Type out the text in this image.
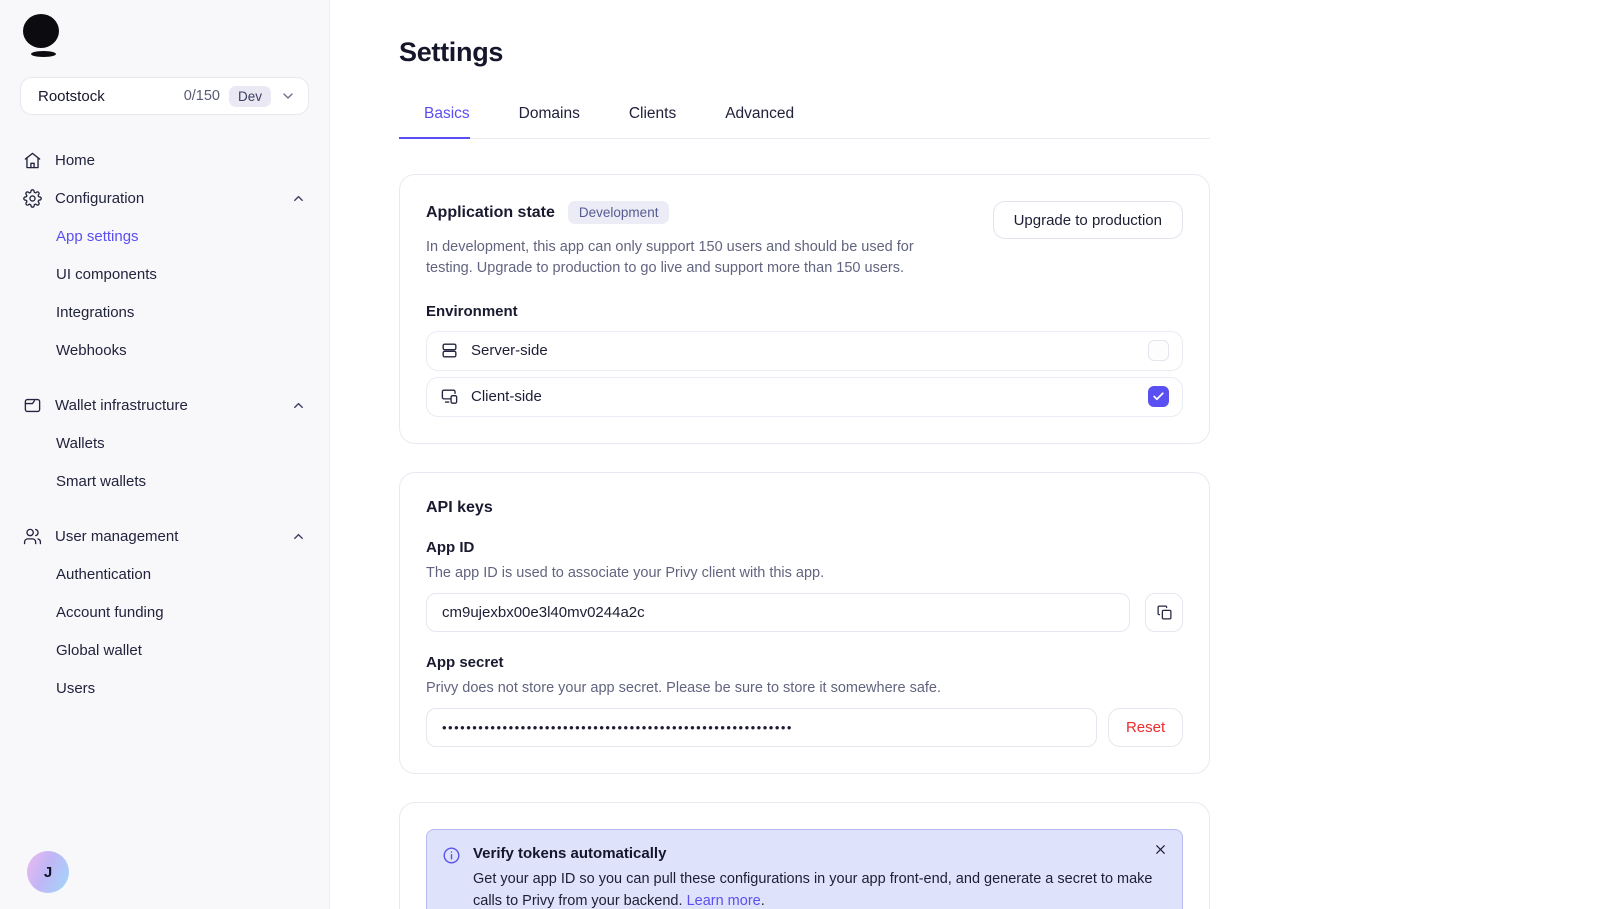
Rootstock	0/150	Dev
Home
Configuration
App settings
UI components
Integrations
Webhooks
Wallet infrastructure
Wallets
Smart wallets
User management
Authentication
Account funding
Global wallet
Users
J
Settings
Basics	Domains	Clients	Advanced
Application state	Development

In development, this app can only support 150 users and should be used for testing. Upgrade to production to go live and support more than 150 users.

Upgrade to production
Environment
Server-side
Client-side
API keys
App ID
The app ID is used to associate your Privy client with this app.
cm9ujexbx00e3l40mv0244a2c
App secret
Privy does not store your app secret. Please be sure to store it somewhere safe.
••••••••••••••••••••••••••••••••••••••••••••••••••••••••••
Reset
Verify tokens automatically
Get your app ID so you can pull these configurations in your app front-end, and generate a secret to make calls to Privy from your backend. Learn more.
